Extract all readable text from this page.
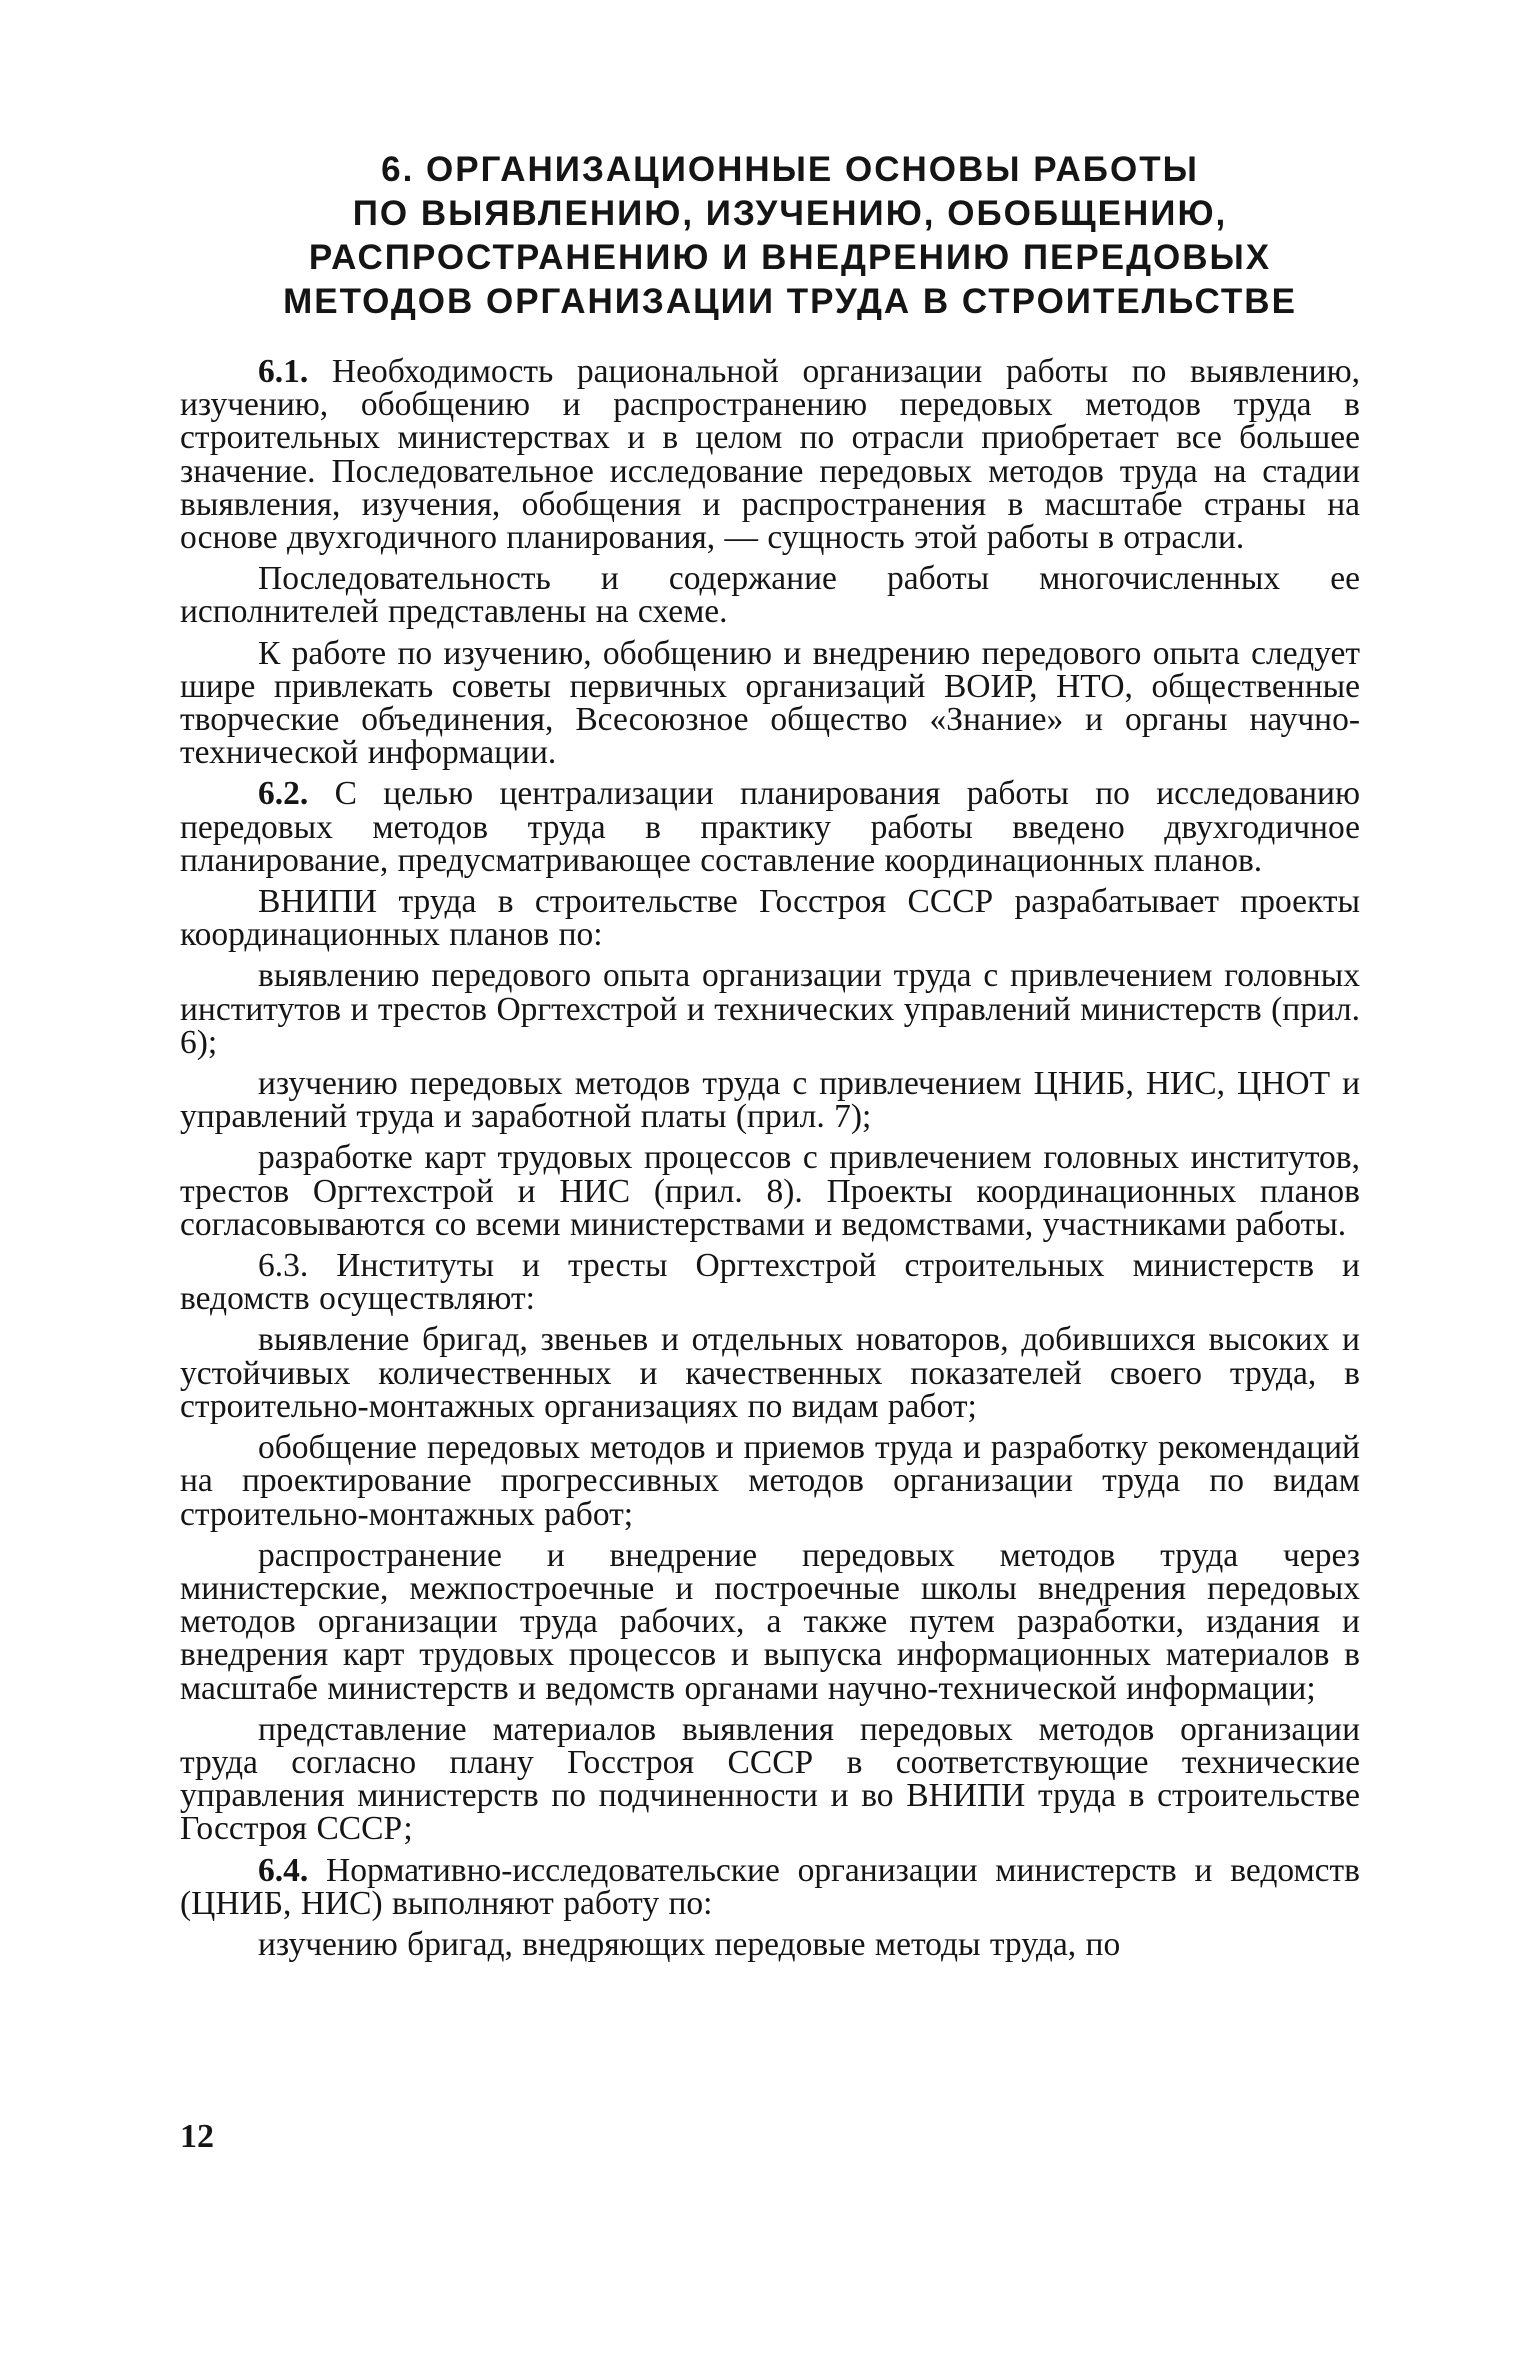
6. ОРГАНИЗАЦИОННЫЕ ОСНОВЫ РАБОТЫ
ПО ВЫЯВЛЕНИЮ, ИЗУЧЕНИЮ, ОБОБЩЕНИЮ,
РАСПРОСТРАНЕНИЮ И ВНЕДРЕНИЮ ПЕРЕДОВЫХ
МЕТОДОВ ОРГАНИЗАЦИИ ТРУДА В СТРОИТЕЛЬСТВЕ

6.1. Необходимость рациональной организации работы по выявлению, изучению, обобщению и распространению передовых методов труда в строительных министерствах и в целом по отрасли приобретает все большее значение. Последовательное исследование передовых методов труда на стадии выявления, изучения, обобщения и распространения в масштабе страны на основе двухгодичного планирования, — сущность этой работы в отрасли.

Последовательность и содержание работы многочисленных ее исполнителей представлены на схеме.

К работе по изучению, обобщению и внедрению передового опыта следует шире привлекать советы первичных организаций ВОИР, НТО, общественные творческие объединения, Всесоюзное общество «Знание» и органы научно-технической информации.

6.2. С целью централизации планирования работы по исследованию передовых методов труда в практику работы введено двухгодичное планирование, предусматривающее составление координационных планов.

ВНИПИ труда в строительстве Госстроя СССР разрабатывает проекты координационных планов по:

выявлению передового опыта организации труда с привлечением головных институтов и трестов Оргтехстрой и технических управлений министерств (прил. 6);

изучению передовых методов труда с привлечением ЦНИБ, НИС, ЦНОТ и управлений труда и заработной платы (прил. 7);

разработке карт трудовых процессов с привлечением головных институтов, трестов Оргтехстрой и НИС (прил. 8). Проекты координационных планов согласовываются со всеми министерствами и ведомствами, участниками работы.

6.3. Институты и тресты Оргтехстрой строительных министерств и ведомств осуществляют:

выявление бригад, звеньев и отдельных новаторов, добившихся высоких и устойчивых количественных и качественных показателей своего труда, в строительно-монтажных организациях по видам работ;

обобщение передовых методов и приемов труда и разработку рекомендаций на проектирование прогрессивных методов организации труда по видам строительно-монтажных работ;

распространение и внедрение передовых методов труда через министерские, межпостроечные и построечные школы внедрения передовых методов организации труда рабочих, а также путем разработки, издания и внедрения карт трудовых процессов и выпуска информационных материалов в масштабе министерств и ведомств органами научно-технической информации;

представление материалов выявления передовых методов организации труда согласно плану Госстроя СССР в соответствующие технические управления министерств по подчиненности и во ВНИПИ труда в строительстве Госстроя СССР;

6.4. Нормативно-исследовательские организации министерств и ведомств (ЦНИБ, НИС) выполняют работу по:

изучению бригад, внедряющих передовые методы труда, по

12
